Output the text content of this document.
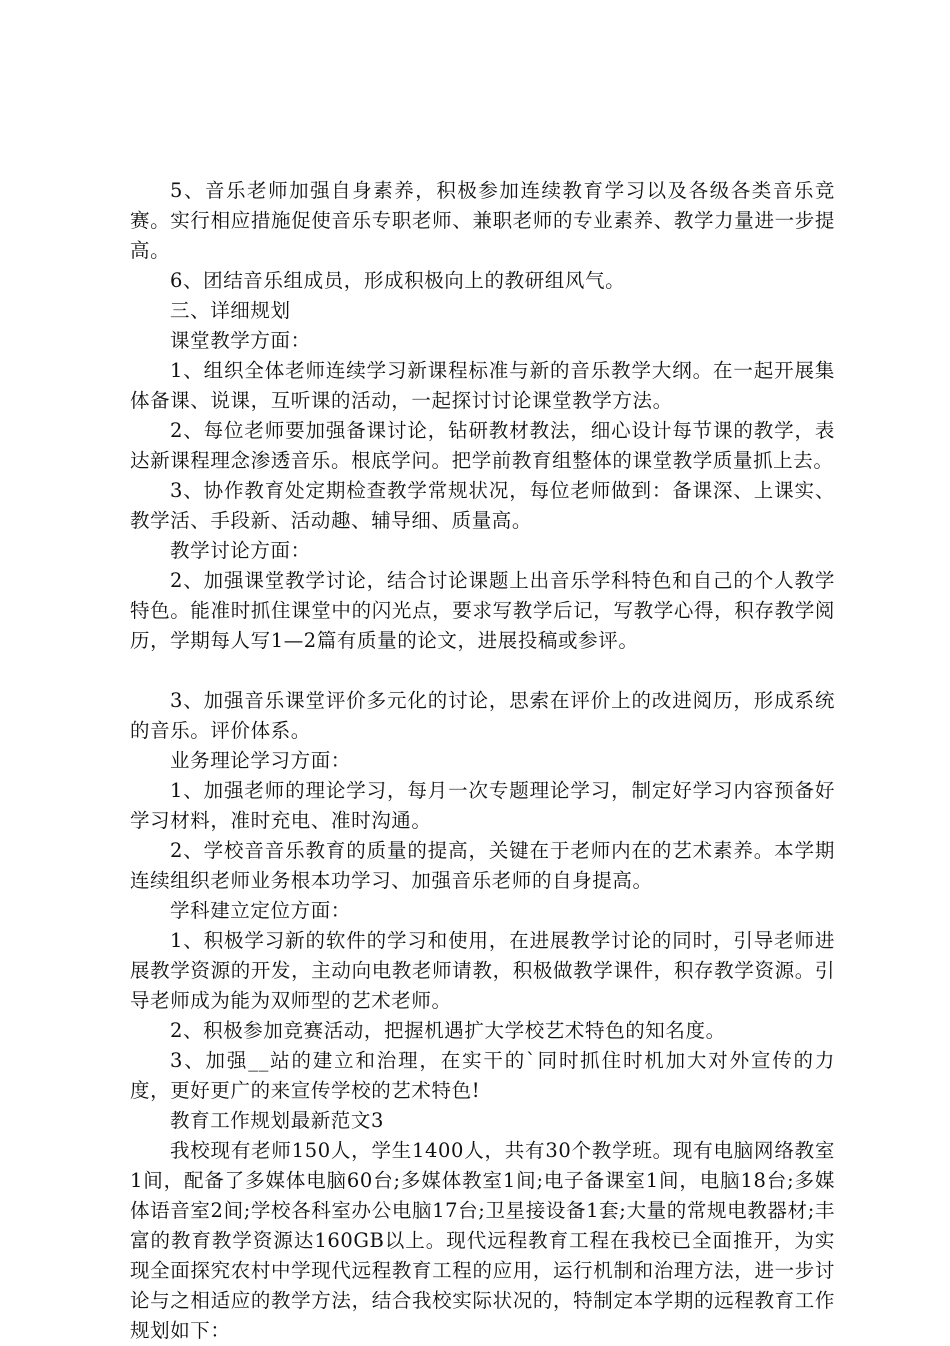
5、音乐老师加强自身素养，积极参加连续教育学习以及各级各类音乐竞赛。实行相应措施促使音乐专职老师、兼职老师的专业素养、教学力量进一步提高。

6、团结音乐组成员，形成积极向上的教研组风气。

三、详细规划

课堂教学方面：

1、组织全体老师连续学习新课程标准与新的音乐教学大纲。在一起开展集体备课、说课，互听课的活动，一起探讨讨论课堂教学方法。

2、每位老师要加强备课讨论，钻研教材教法，细心设计每节课的教学，表达新课程理念渗透音乐。根底学问。把学前教育组整体的课堂教学质量抓上去。

3、协作教育处定期检查教学常规状况，每位老师做到：备课深、上课实、教学活、手段新、活动趣、辅导细、质量高。

教学讨论方面：

2、加强课堂教学讨论，结合讨论课题上出音乐学科特色和自己的个人教学特色。能准时抓住课堂中的闪光点，要求写教学后记，写教学心得，积存教学阅历，学期每人写1—2篇有质量的论文，进展投稿或参评。

3、加强音乐课堂评价多元化的讨论，思索在评价上的改进阅历，形成系统的音乐。评价体系。

业务理论学习方面：

1、加强老师的理论学习，每月一次专题理论学习，制定好学习内容预备好学习材料，准时充电、准时沟通。

2、学校音音乐教育的质量的提高，关键在于老师内在的艺术素养。本学期连续组织老师业务根本功学习、加强音乐老师的自身提高。

学科建立定位方面：

1、积极学习新的软件的学习和使用，在进展教学讨论的同时，引导老师进展教学资源的开发，主动向电教老师请教，积极做教学课件，积存教学资源。引导老师成为能为双师型的艺术老师。

2、积极参加竞赛活动，把握机遇扩大学校艺术特色的知名度。

3、加强__站的建立和治理，在实干的`同时抓住时机加大对外宣传的力度，更好更广的来宣传学校的艺术特色!

教育工作规划最新范文3

我校现有老师150人，学生1400人，共有30个教学班。现有电脑网络教室1间，配备了多媒体电脑60台;多媒体教室1间;电子备课室1间，电脑18台;多媒体语音室2间;学校各科室办公电脑17台;卫星接设备1套;大量的常规电教器材;丰富的教育教学资源达160GB以上。现代远程教育工程在我校已全面推开，为实现全面探究农村中学现代远程教育工程的应用，运行机制和治理方法，进一步讨论与之相适应的教学方法，结合我校实际状况的，特制定本学期的远程教育工作规划如下：
